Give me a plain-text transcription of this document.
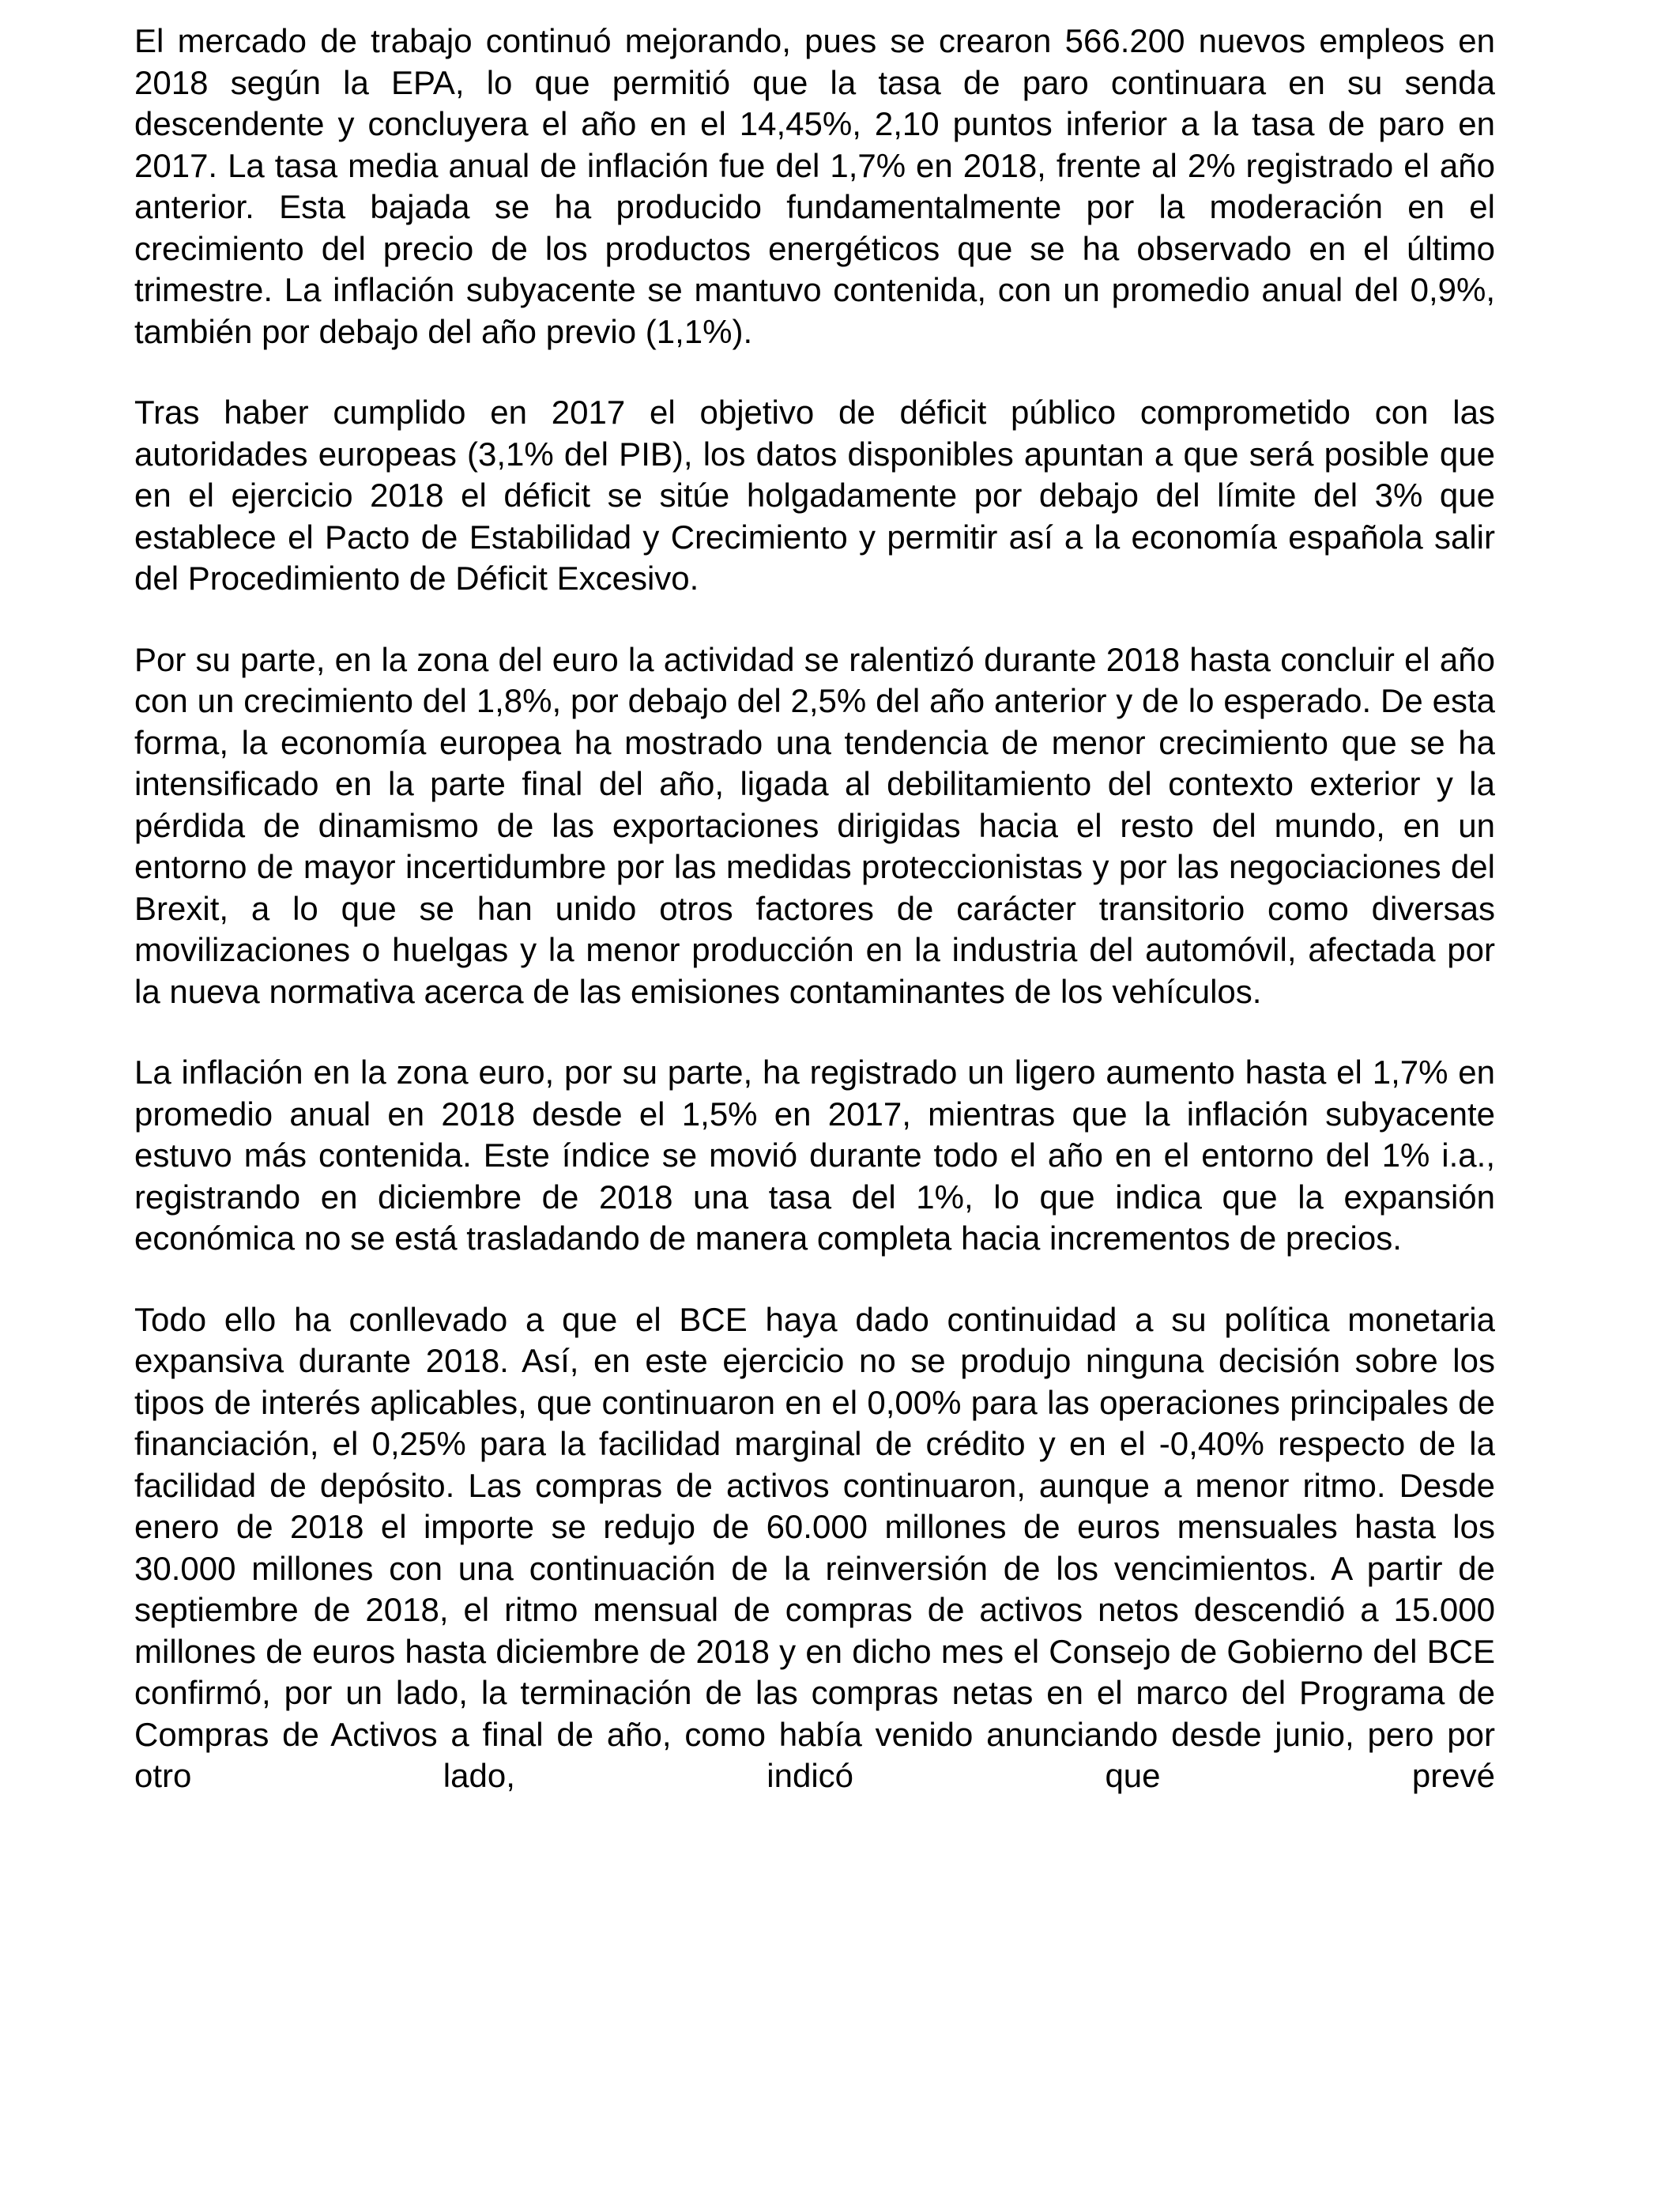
El mercado de trabajo continuó mejorando, pues se crearon 566.200 nuevos empleos en 2018 según la EPA, lo que permitió que la tasa de paro continuara en su senda descendente y concluyera el año en el 14,45%, 2,10 puntos inferior a la tasa de paro en 2017. La tasa media anual de inflación fue del 1,7% en 2018, frente al 2% registrado el año anterior. Esta bajada se ha producido fundamentalmente por la moderación en el crecimiento del precio de los productos energéticos que se ha observado en el último trimestre. La inflación subyacente se mantuvo contenida, con un promedio anual del 0,9%, también por debajo del año previo (1,1%).

Tras haber cumplido en 2017 el objetivo de déficit público comprometido con las autoridades europeas (3,1% del PIB), los datos disponibles apuntan a que será posible que en el ejercicio 2018 el déficit se sitúe holgadamente por debajo del límite del 3% que establece el Pacto de Estabilidad y Crecimiento y permitir así a la economía española salir del Procedimiento de Déficit Excesivo.

Por su parte, en la zona del euro la actividad se ralentizó durante 2018 hasta concluir el año con un crecimiento del 1,8%, por debajo del 2,5% del año anterior y de lo esperado. De esta forma, la economía europea ha mostrado una tendencia de menor crecimiento que se ha intensificado en la parte final del año, ligada al debilitamiento del contexto exterior y la pérdida de dinamismo de las exportaciones dirigidas hacia el resto del mundo, en un entorno de mayor incertidumbre por las medidas proteccionistas y por las negociaciones del Brexit, a lo que se han unido otros factores de carácter transitorio como diversas movilizaciones o huelgas y la menor producción en la industria del automóvil, afectada por la nueva normativa acerca de las emisiones contaminantes de los vehículos.

La inflación en la zona euro, por su parte, ha registrado un ligero aumento hasta el 1,7% en promedio anual en 2018 desde el 1,5% en 2017, mientras que la inflación subyacente estuvo más contenida. Este índice se movió durante todo el año en el entorno del 1% i.a., registrando en diciembre de 2018 una tasa del 1%, lo que indica que la expansión económica no se está trasladando de manera completa hacia incrementos de precios.

Todo ello ha conllevado a que el BCE haya dado continuidad a su política monetaria expansiva durante 2018. Así, en este ejercicio no se produjo ninguna decisión sobre los tipos de interés aplicables, que continuaron en el 0,00% para las operaciones principales de financiación, el 0,25% para la facilidad marginal de crédito y en el -0,40% respecto de la facilidad de depósito. Las compras de activos continuaron, aunque a menor ritmo. Desde enero de 2018 el importe se redujo de 60.000 millones de euros mensuales hasta los 30.000 millones con una continuación de la reinversión de los vencimientos. A partir de septiembre de 2018, el ritmo mensual de compras de activos netos descendió a 15.000 millones de euros hasta diciembre de 2018 y en dicho mes el Consejo de Gobierno del BCE confirmó, por un lado, la terminación de las compras netas en el marco del Programa de Compras de Activos a final de año, como había venido anunciando desde junio, pero por otro lado, indicó que prevé
